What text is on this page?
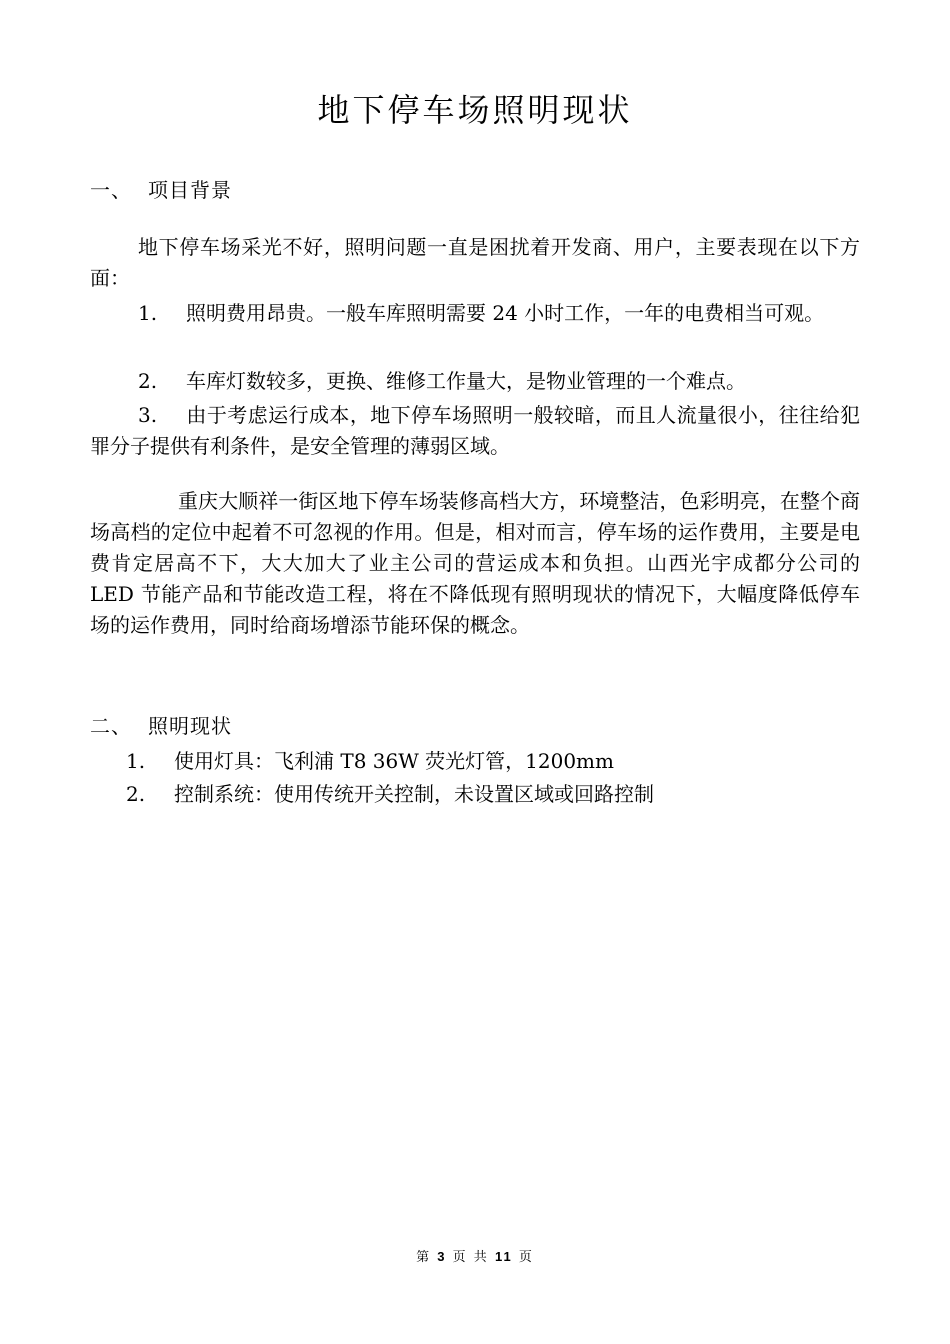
地下停车场照明现状
一、 项目背景
地下停车场采光不好，照明问题一直是困扰着开发商、用户，主要表现在以下方面：
1. 照明费用昂贵。一般车库照明需要 24 小时工作，一年的电费相当可观。
2. 车库灯数较多，更换、维修工作量大，是物业管理的一个难点。
3. 由于考虑运行成本，地下停车场照明一般较暗，而且人流量很小，往往给犯罪分子提供有利条件，是安全管理的薄弱区域。
重庆大顺祥一街区地下停车场装修高档大方，环境整洁，色彩明亮，在整个商场高档的定位中起着不可忽视的作用。但是，相对而言，停车场的运作费用，主要是电费肯定居高不下，大大加大了业主公司的营运成本和负担。山西光宇成都分公司的 LED 节能产品和节能改造工程，将在不降低现有照明现状的情况下，大幅度降低停车场的运作费用，同时给商场增添节能环保的概念。
二、 照明现状
1. 使用灯具：飞利浦 T8 36W 荧光灯管，1200mm
2. 控制系统：使用传统开关控制，未设置区域或回路控制
第 3 页 共 11 页
